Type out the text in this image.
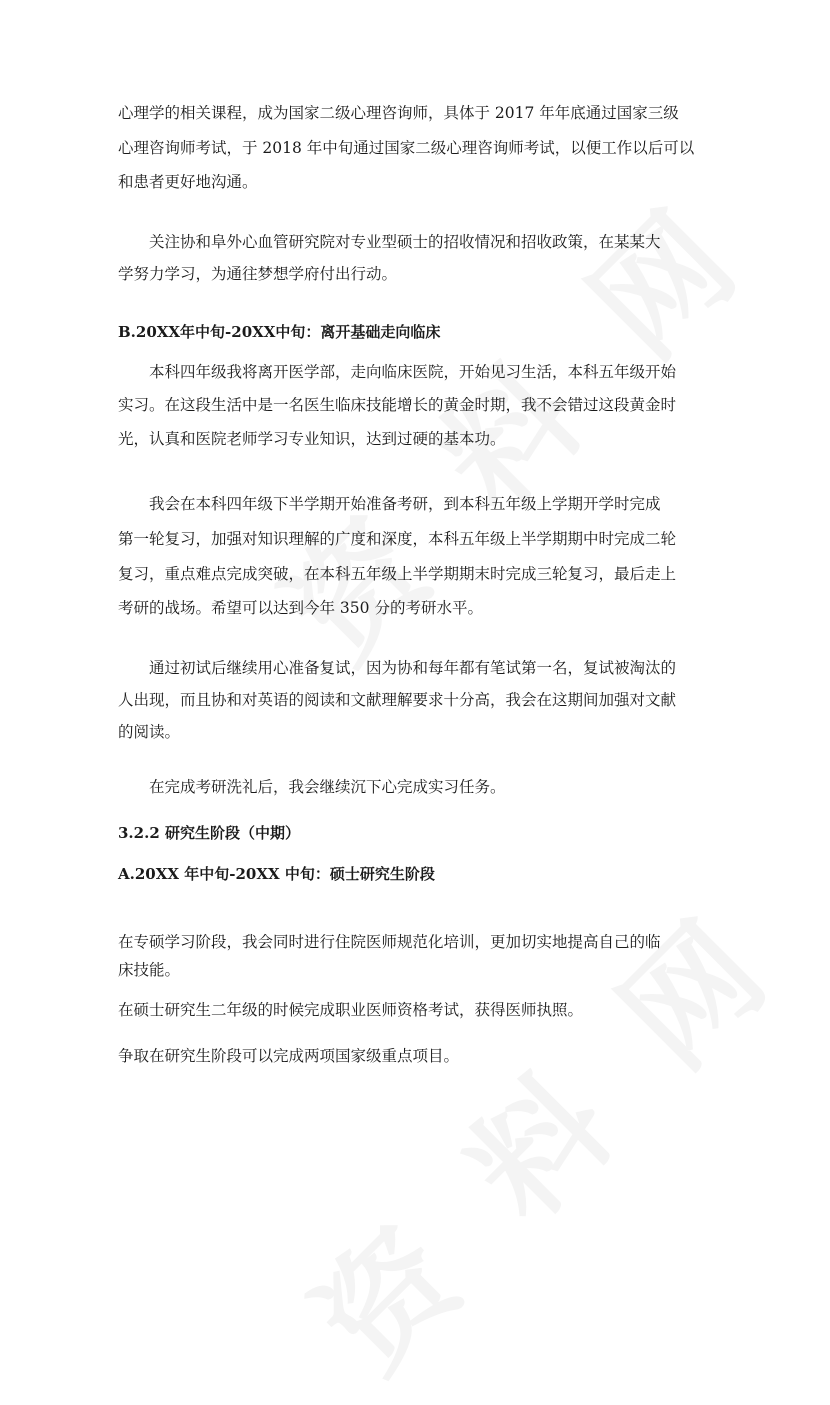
心理学的相关课程，成为国家二级心理咨询师，具体于 2017 年年底通过国家三级
心理咨询师考试，于 2018 年中旬通过国家二级心理咨询师考试，以便工作以后可以
和患者更好地沟通。
关注协和阜外心血管研究院对专业型硕士的招收情况和招收政策，在某某大
学努力学习，为通往梦想学府付出行动。
B.20XX年中旬-20XX中旬：离开基础走向临床
本科四年级我将离开医学部，走向临床医院，开始见习生活，本科五年级开始
实习。在这段生活中是一名医生临床技能增长的黄金时期，我不会错过这段黄金时
光，认真和医院老师学习专业知识，达到过硬的基本功。
我会在本科四年级下半学期开始准备考研，到本科五年级上学期开学时完成
第一轮复习，加强对知识理解的广度和深度，本科五年级上半学期期中时完成二轮
复习，重点难点完成突破，在本科五年级上半学期期末时完成三轮复习，最后走上
考研的战场。希望可以达到今年 350 分的考研水平。
通过初试后继续用心准备复试，因为协和每年都有笔试第一名，复试被淘汰的
人出现，而且协和对英语的阅读和文献理解要求十分高，我会在这期间加强对文献
的阅读。
在完成考研洗礼后，我会继续沉下心完成实习任务。
3.2.2 研究生阶段（中期）
A.20XX 年中旬-20XX 中旬：硕士研究生阶段
在专硕学习阶段，我会同时进行住院医师规范化培训，更加切实地提高自己的临
床技能。
在硕士研究生二年级的时候完成职业医师资格考试，获得医师执照。
争取在研究生阶段可以完成两项国家级重点项目。
